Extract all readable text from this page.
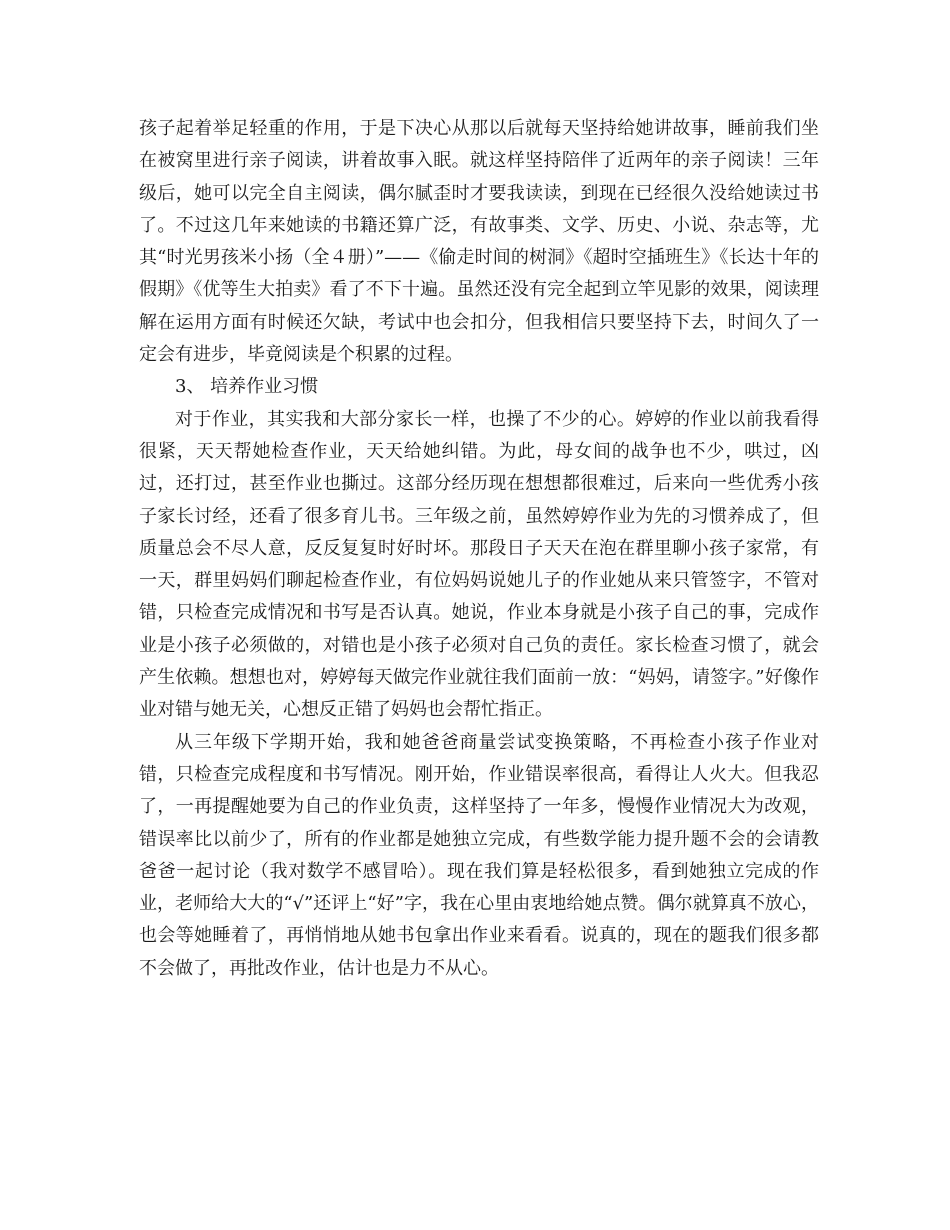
孩子起着举足轻重的作用，于是下决心从那以后就每天坚持给她讲故事，睡前我们坐在被窝里进行亲子阅读，讲着故事入眠。就这样坚持陪伴了近两年的亲子阅读！三年级后，她可以完全自主阅读，偶尔腻歪时才要我读读，到现在已经很久没给她读过书了。不过这几年来她读的书籍还算广泛，有故事类、文学、历史、小说、杂志等，尤其“时光男孩米小扬（全４册）”——《偷走时间的树洞》《超时空插班生》《长达十年的假期》《优等生大拍卖》看了不下十遍。虽然还没有完全起到立竿见影的效果，阅读理解在运用方面有时候还欠缺，考试中也会扣分，但我相信只要坚持下去，时间久了一定会有进步，毕竟阅读是个积累的过程。

3、 培养作业习惯

对于作业，其实我和大部分家长一样，也操了不少的心。婷婷的作业以前我看得很紧，天天帮她检查作业，天天给她纠错。为此，母女间的战争也不少，哄过，凶过，还打过，甚至作业也撕过。这部分经历现在想想都很难过，后来向一些优秀小孩子家长讨经，还看了很多育儿书。三年级之前，虽然婷婷作业为先的习惯养成了，但质量总会不尽人意，反反复复时好时坏。那段日子天天在泡在群里聊小孩子家常，有一天，群里妈妈们聊起检查作业，有位妈妈说她儿子的作业她从来只管签字，不管对错，只检查完成情况和书写是否认真。她说，作业本身就是小孩子自己的事，完成作业是小孩子必须做的，对错也是小孩子必须对自己负的责任。家长检查习惯了，就会产生依赖。想想也对，婷婷每天做完作业就往我们面前一放：“妈妈，请签字。”好像作业对错与她无关，心想反正错了妈妈也会帮忙指正。

从三年级下学期开始，我和她爸爸商量尝试变换策略，不再检查小孩子作业对错，只检查完成程度和书写情况。刚开始，作业错误率很高，看得让人火大。但我忍了，一再提醒她要为自己的作业负责，这样坚持了一年多，慢慢作业情况大为改观，错误率比以前少了，所有的作业都是她独立完成，有些数学能力提升题不会的会请教爸爸一起讨论（我对数学不感冒哈）。现在我们算是轻松很多，看到她独立完成的作业，老师给大大的“√”还评上“好”字，我在心里由衷地给她点赞。偶尔就算真不放心，也会等她睡着了，再悄悄地从她书包拿出作业来看看。说真的，现在的题我们很多都不会做了，再批改作业，估计也是力不从心。
